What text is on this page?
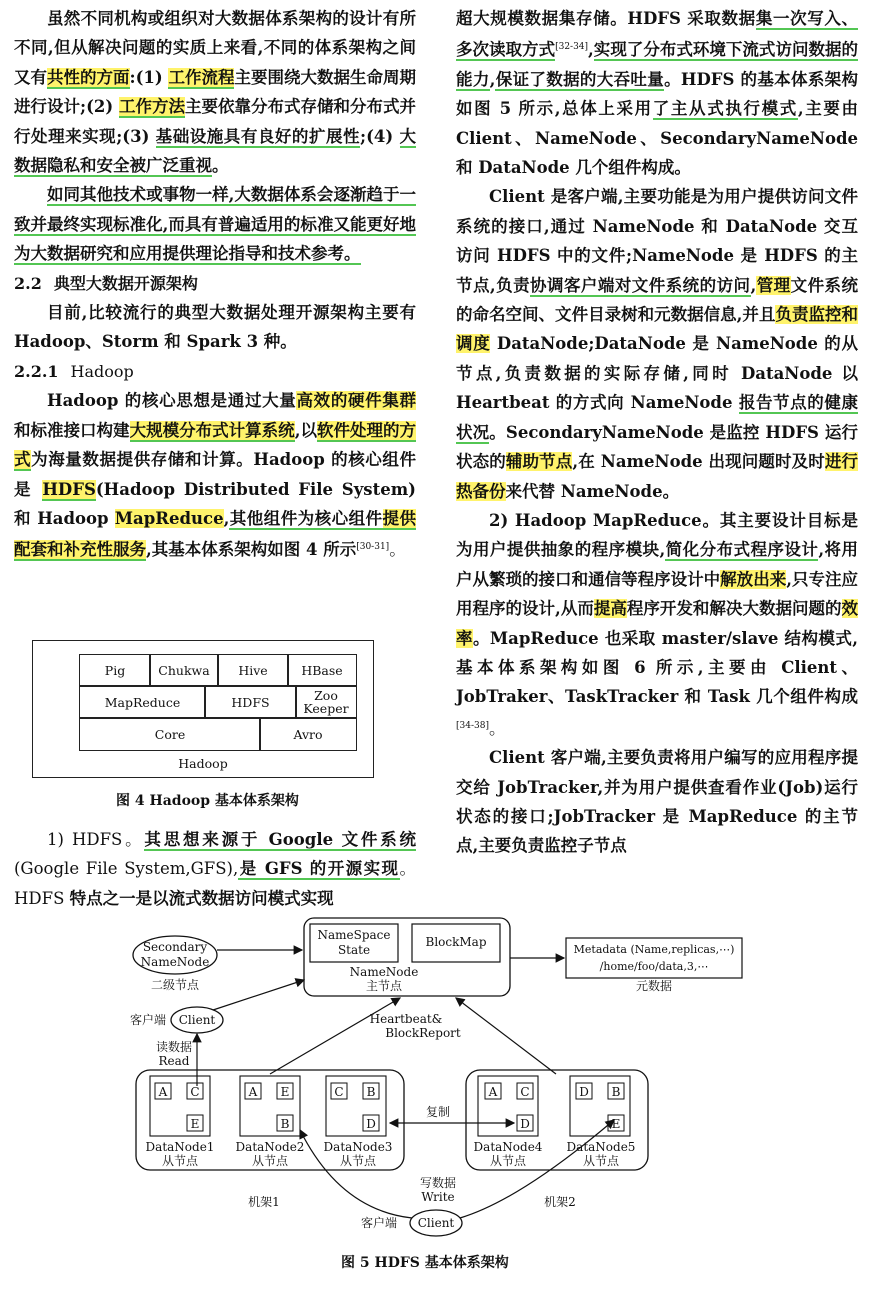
虽然不同机构或组织对大数据体系架构的设计有所不同,但从解决问题的实质上来看,不同的体系架构之间又有共性的方面:(1) 工作流程主要围绕大数据生命周期进行设计;(2) 工作方法主要依靠分布式存储和分布式并行处理来实现;(3) 基础设施具有良好的扩展性;(4) 大数据隐私和安全被广泛重视。

如同其他技术或事物一样,大数据体系会逐渐趋于一致并最终实现标准化,而具有普遍适用的标准又能更好地为大数据研究和应用提供理论指导和技术参考。

2.2 典型大数据开源架构

目前,比较流行的典型大数据处理开源架构主要有 Hadoop、Storm 和 Spark 3 种。

2.2.1 Hadoop

Hadoop 的核心思想是通过大量高效的硬件集群和标准接口构建大规模分布式计算系统,以软件处理的方式为海量数据提供存储和计算。Hadoop 的核心组件是 HDFS(Hadoop Distributed File System)和 Hadoop MapReduce,其他组件为核心组件提供配套和补充性服务,其基本体系架构如图 4 所示[30-31]。

Pig	Chukwa	Hive	HBase
MapReduce	HDFS	Zoo
Keeper
Core	Avro
Hadoop
图 4 Hadoop 基本体系架构

1) HDFS。其思想来源于 Google 文件系统(Google File System,GFS),是 GFS 的开源实现。HDFS 特点之一是以流式数据访问模式实现

超大规模数据集存储。HDFS 采取数据集一次写入、多次读取方式[32-34],实现了分布式环境下流式访问数据的能力,保证了数据的大吞吐量。HDFS 的基本体系架构如图 5 所示,总体上采用了主从式执行模式,主要由 Client、NameNode、SecondaryNameNode 和 DataNode 几个组件构成。

Client 是客户端,主要功能是为用户提供访问文件系统的接口,通过 NameNode 和 DataNode 交互访问 HDFS 中的文件;NameNode 是 HDFS 的主节点,负责协调客户端对文件系统的访问,管理文件系统的命名空间、文件目录树和元数据信息,并且负责监控和调度 DataNode;DataNode 是 NameNode 的从节点,负责数据的实际存储,同时 DataNode 以 Heartbeat 的方式向 NameNode 报告节点的健康状况。SecondaryNameNode 是监控 HDFS 运行状态的辅助节点,在 NameNode 出现问题时及时进行热备份来代替 NameNode。

2) Hadoop MapReduce。其主要设计目标是为用户提供抽象的程序模块,简化分布式程序设计,将用户从繁琐的接口和通信等程序设计中解放出来,只专注应用程序的设计,从而提高程序开发和解决大数据问题的效率。MapReduce 也采取 master/slave 结构模式,基本体系架构如图 6 所示,主要由 Client、JobTraker、TaskTracker 和 Task 几个组件构成[34-38]。

Client 客户端,主要负责将用户编写的应用程序提交给 JobTracker,并为用户提供查看作业(Job)运行状态的接口;JobTracker 是 MapReduce 的主节点,主要负责监控子节点

Secondary
NameNode
二级节点
NameSpace
State
BlockMap
NameNode
主节点
Metadata (Name,replicas,⋯)
/home/foo/data,3,⋯
元数据
客户端 Client
读数据
Read
Heartbeat&
BlockReport
A C
E
A E
B
C B
D
A C
D
D B
E
DataNode1
从节点
DataNode2
从节点
DataNode3
从节点
DataNode4
从节点
DataNode5
从节点
复制
机架1	机架2
写数据
Write
客户端 Client
图 5 HDFS 基本体系架构
